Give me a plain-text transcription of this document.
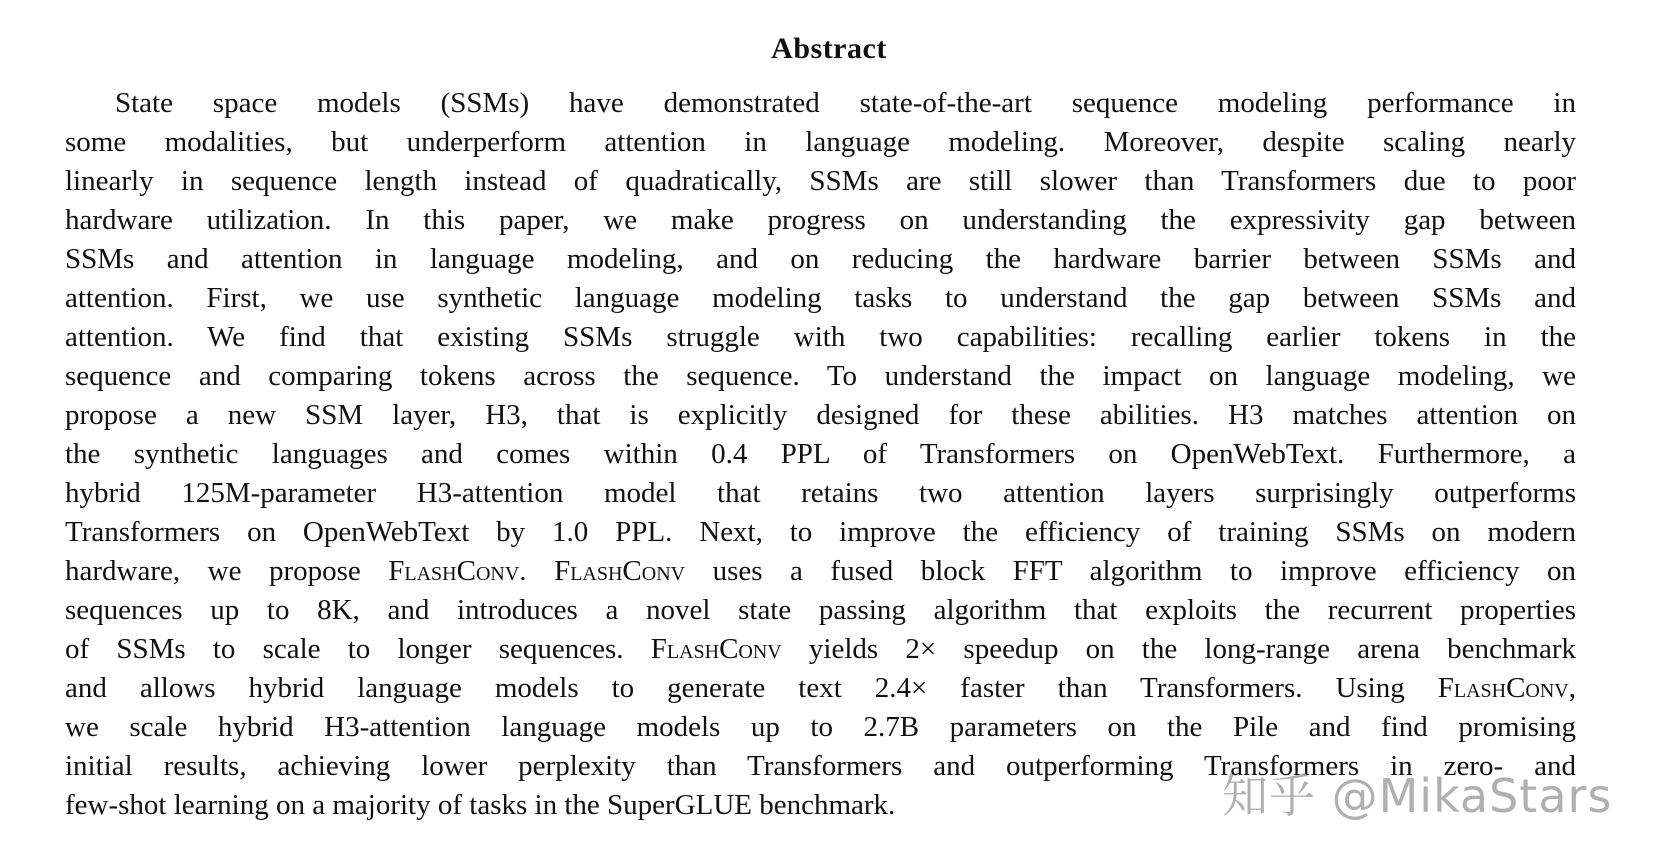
Abstract
State space models (SSMs) have demonstrated state-of-the-art sequence modeling performance in
some modalities, but underperform attention in language modeling. Moreover, despite scaling nearly
linearly in sequence length instead of quadratically, SSMs are still slower than Transformers due to poor
hardware utilization. In this paper, we make progress on understanding the expressivity gap between
SSMs and attention in language modeling, and on reducing the hardware barrier between SSMs and
attention. First, we use synthetic language modeling tasks to understand the gap between SSMs and
attention. We find that existing SSMs struggle with two capabilities: recalling earlier tokens in the
sequence and comparing tokens across the sequence. To understand the impact on language modeling, we
propose a new SSM layer, H3, that is explicitly designed for these abilities. H3 matches attention on
the synthetic languages and comes within 0.4 PPL of Transformers on OpenWebText. Furthermore, a
hybrid 125M-parameter H3-attention model that retains two attention layers surprisingly outperforms
Transformers on OpenWebText by 1.0 PPL. Next, to improve the efficiency of training SSMs on modern
hardware, we propose FlashConv. FlashConv uses a fused block FFT algorithm to improve efficiency on
sequences up to 8K, and introduces a novel state passing algorithm that exploits the recurrent properties
of SSMs to scale to longer sequences. FlashConv yields 2× speedup on the long-range arena benchmark
and allows hybrid language models to generate text 2.4× faster than Transformers. Using FlashConv,
we scale hybrid H3-attention language models up to 2.7B parameters on the Pile and find promising
initial results, achieving lower perplexity than Transformers and outperforming Transformers in zero- and
few-shot learning on a majority of tasks in the SuperGLUE benchmark.	知乎 @MikaStars
